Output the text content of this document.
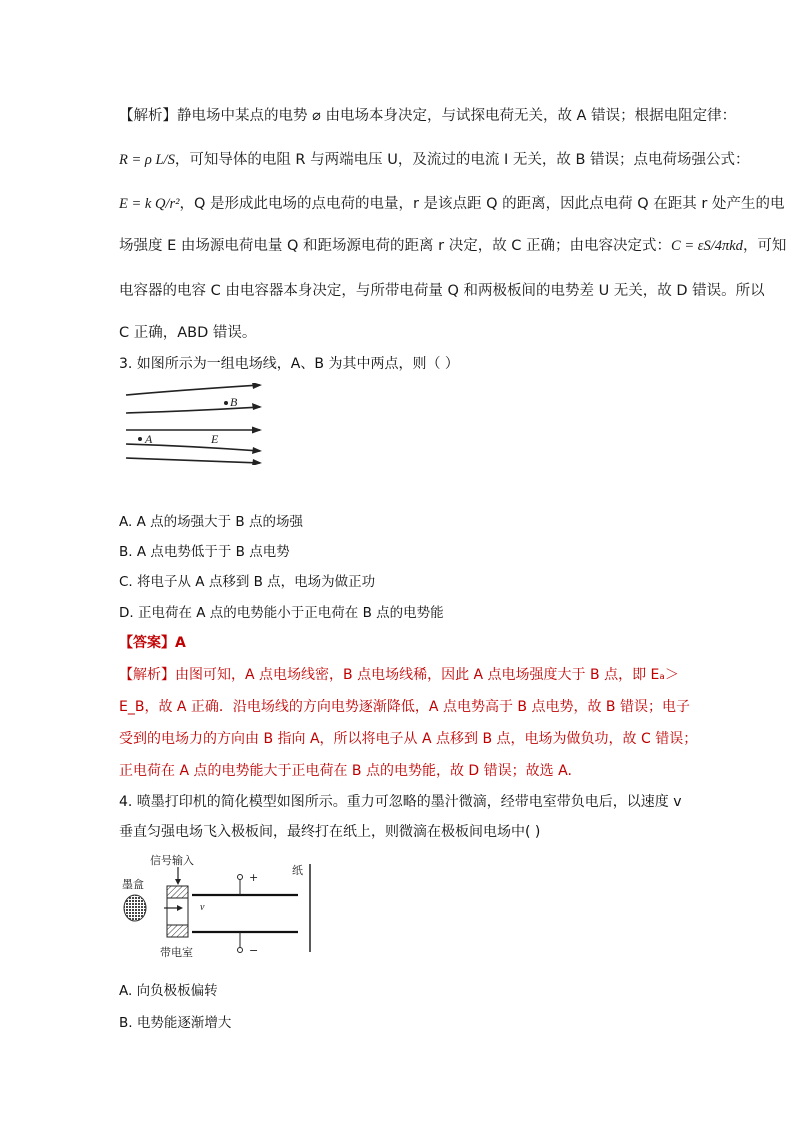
【解析】静电场中某点的电势 ⌀ 由电场本身决定，与试探电荷无关，故 A 错误；根据电阻定律：
R = ρ L/S，可知导体的电阻 R 与两端电压 U，及流过的电流 I 无关，故 B 错误；点电荷场强公式：
E = k Q/r²，Q 是形成此电场的点电荷的电量，r 是该点距 Q 的距离，因此点电荷 Q 在距其 r 处产生的电
场强度 E 由场源电荷电量 Q 和距场源电荷的距离 r 决定，故 C 正确；由电容决定式：C = εS/4πkd，可知
电容器的电容 C 由电容器本身决定，与所带电荷量 Q 和两极板间的电势差 U 无关，故 D 错误。所以
C 正确，ABD 错误。
3. 如图所示为一组电场线，A、B 为其中两点，则（ ）
B
A	E
A. A 点的场强大于 B 点的场强
B. A 点电势低于于 B 点电势
C. 将电子从 A 点移到 B 点，电场为做正功
D. 正电荷在 A 点的电势能小于正电荷在 B 点的电势能
【答案】A
【解析】由图可知，A 点电场线密，B 点电场线稀，因此 A 点电场强度大于 B 点，即 Eₐ＞
E_B，故 A 正确．沿电场线的方向电势逐渐降低，A 点电势高于 B 点电势，故 B 错误；电子
受到的电场力的方向由 B 指向 A，所以将电子从 A 点移到 B 点，电场为做负功，故 C 错误；
正电荷在 A 点的电势能大于正电荷在 B 点的电势能，故 D 错误；故选 A.
4. 喷墨打印机的简化模型如图所示。重力可忽略的墨汁微滴，经带电室带负电后，以速度 v
垂直匀强电场飞入极板间，最终打在纸上，则微滴在极板间电场中( )
信号输入
墨盒
v
带电室
+
−
纸
A. 向负极板偏转
B. 电势能逐渐增大
